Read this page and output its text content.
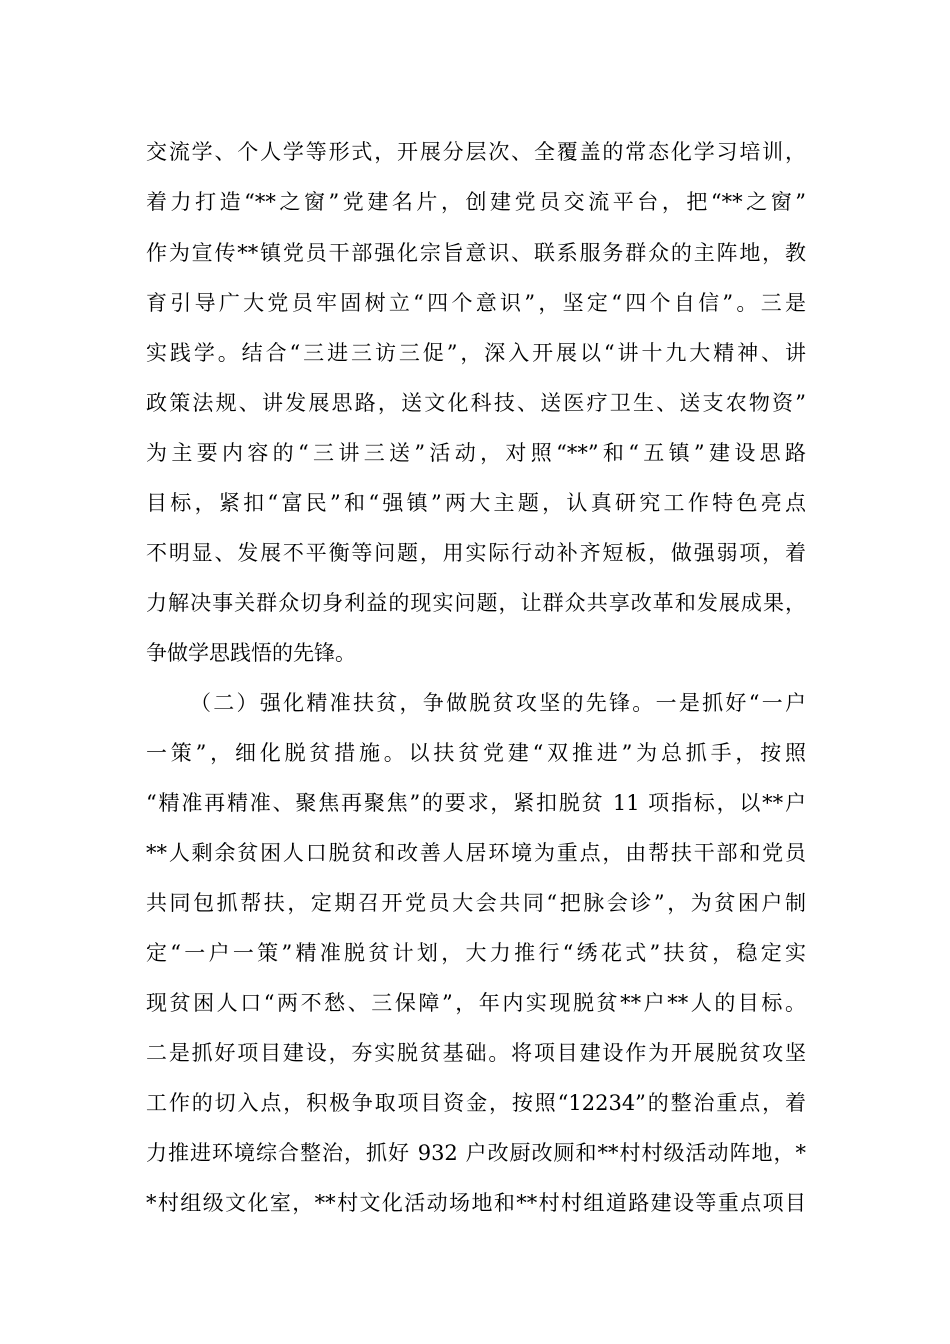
交流学、个人学等形式，开展分层次、全覆盖的常态化学习培训，
着力打造“**之窗”党建名片，创建党员交流平台，把“**之窗”
作为宣传**镇党员干部强化宗旨意识、联系服务群众的主阵地，教
育引导广大党员牢固树立“四个意识”，坚定“四个自信”。三是
实践学。结合“三进三访三促”，深入开展以“讲十九大精神、讲
政策法规、讲发展思路，送文化科技、送医疗卫生、送支农物资”
为主要内容的“三讲三送”活动，对照“**”和“五镇”建设思路
目标，紧扣“富民”和“强镇”两大主题，认真研究工作特色亮点
不明显、发展不平衡等问题，用实际行动补齐短板，做强弱项，着
力解决事关群众切身利益的现实问题，让群众共享改革和发展成果，
争做学思践悟的先锋。
（二）强化精准扶贫，争做脱贫攻坚的先锋。一是抓好“一户
一策”，细化脱贫措施。以扶贫党建“双推进”为总抓手，按照
“精准再精准、聚焦再聚焦”的要求，紧扣脱贫 11 项指标，以**户
**人剩余贫困人口脱贫和改善人居环境为重点，由帮扶干部和党员
共同包抓帮扶，定期召开党员大会共同“把脉会诊”，为贫困户制
定“一户一策”精准脱贫计划，大力推行“绣花式”扶贫，稳定实
现贫困人口“两不愁、三保障”，年内实现脱贫**户**人的目标。
二是抓好项目建设，夯实脱贫基础。将项目建设作为开展脱贫攻坚
工作的切入点，积极争取项目资金，按照“12234”的整治重点，着
力推进环境综合整治，抓好 932 户改厨改厕和**村村级活动阵地，*
*村组级文化室，**村文化活动场地和**村村组道路建设等重点项目
